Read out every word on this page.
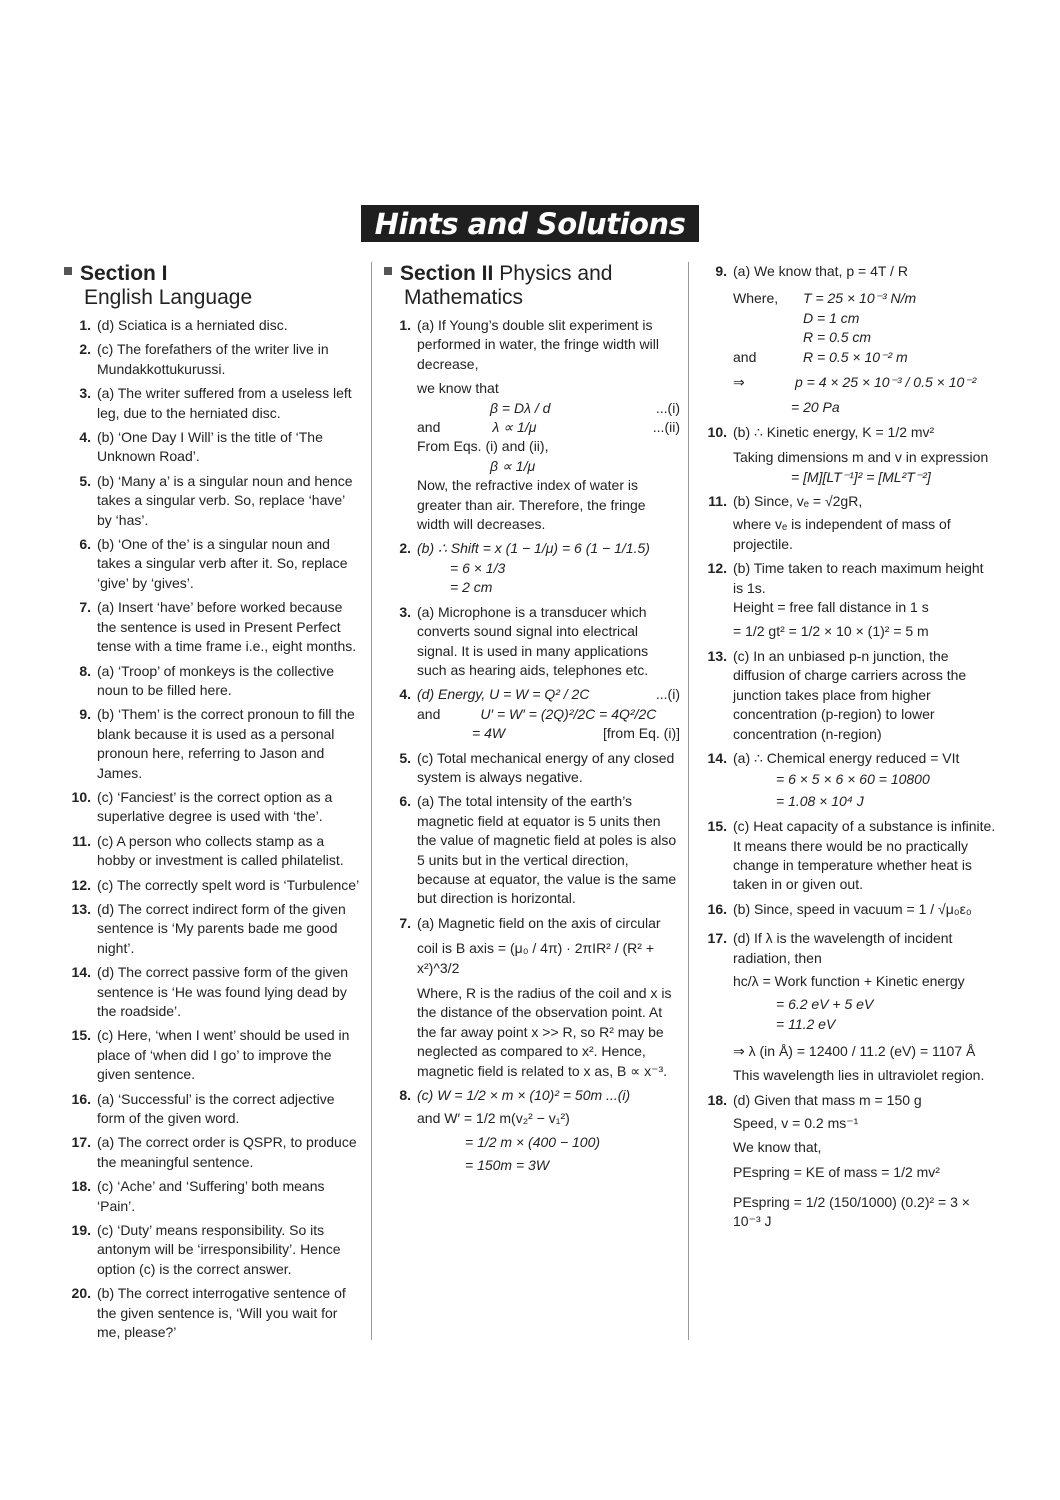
Hints and Solutions
Section I
English Language
1. (d) Sciatica is a herniated disc.
2. (c) The forefathers of the writer live in Mundakkottukurussi.
3. (a) The writer suffered from a useless left leg, due to the herniated disc.
4. (b) ‘One Day I Will’ is the title of ‘The Unknown Road’.
5. (b) ‘Many a’ is a singular noun and hence takes a singular verb. So, replace ‘have’ by ‘has’.
6. (b) ‘One of the’ is a singular noun and takes a singular verb after it. So, replace ‘give’ by ‘gives’.
7. (a) Insert ‘have’ before worked because the sentence is used in Present Perfect tense with a time frame i.e., eight months.
8. (a) ‘Troop’ of monkeys is the collective noun to be filled here.
9. (b) ‘Them’ is the correct pronoun to fill the blank because it is used as a personal pronoun here, referring to Jason and James.
10. (c) ‘Fanciest’ is the correct option as a superlative degree is used with ‘the’.
11. (c) A person who collects stamp as a hobby or investment is called philatelist.
12. (c) The correctly spelt word is ‘Turbulence’
13. (d) The correct indirect form of the given sentence is ‘My parents bade me good night’.
14. (d) The correct passive form of the given sentence is ‘He was found lying dead by the roadside’.
15. (c) Here, ‘when I went’ should be used in place of ‘when did I go’ to improve the given sentence.
16. (a) ‘Successful’ is the correct adjective form of the given word.
17. (a) The correct order is QSPR, to produce the meaningful sentence.
18. (c) ‘Ache’ and ‘Suffering’ both means ‘Pain’.
19. (c) ‘Duty’ means responsibility. So its antonym will be ‘irresponsibility’. Hence option (c) is the correct answer.
20. (b) The correct interrogative sentence of the given sentence is, ‘Will you wait for me, please?’
Section II Physics and
Mathematics
1. (a) If Young’s double slit experiment is performed in water, the fringe width will decrease,
we know that
β = Dλ / d	...(i)
and	λ ∝ 1/μ	...(ii)
From Eqs. (i) and (ii),
β ∝ 1/μ
Now, the refractive index of water is greater than air. Therefore, the fringe width will decreases.
2. (b) ∴ Shift = x (1 − 1/μ) = 6 (1 − 1/1.5)
= 6 × 1/3
= 2 cm
3. (a) Microphone is a transducer which converts sound signal into electrical signal. It is used in many applications such as hearing aids, telephones etc.
4. (d) Energy, U = W = Q² / 2C	...(i)
and	U′ = W′ = (2Q)²/2C = 4Q²/2C
= 4W	[from Eq. (i)]
5. (c) Total mechanical energy of any closed system is always negative.
6. (a) The total intensity of the earth’s magnetic field at equator is 5 units then the value of magnetic field at poles is also 5 units but in the vertical direction, because at equator, the value is the same but direction is horizontal.
7. (a) Magnetic field on the axis of circular
coil is B axis = (μ₀ / 4π) · 2πIR² / (R² + x²)^3/2
Where, R is the radius of the coil and x is the distance of the observation point. At the far away point x >> R, so R² may be neglected as compared to x². Hence, magnetic field is related to x as, B ∝ x⁻³.
8. (c) W = 1/2 × m × (10)² = 50m ...(i)
and W′ = 1/2 m(v₂² − v₁²)
= 1/2 m × (400 − 100)
= 150m = 3W
9. (a) We know that, p = 4T / R
Where,	T = 25 × 10⁻³ N/m
D = 1 cm
R = 0.5 cm
and	R = 0.5 × 10⁻² m
⇒	p = 4 × 25 × 10⁻³ / 0.5 × 10⁻²
= 20 Pa
10. (b) ∴ Kinetic energy, K = 1/2 mv²
Taking dimensions m and v in expression
= [M][LT⁻¹]² = [ML²T⁻²]
11. (b) Since, vₑ = √2gR,
where vₑ is independent of mass of projectile.
12. (b) Time taken to reach maximum height is 1s.
Height = free fall distance in 1 s
= 1/2 gt² = 1/2 × 10 × (1)² = 5 m
13. (c) In an unbiased p-n junction, the diffusion of charge carriers across the junction takes place from higher concentration (p-region) to lower concentration (n-region)
14. (a) ∴ Chemical energy reduced = VIt
= 6 × 5 × 6 × 60 = 10800
= 1.08 × 10⁴ J
15. (c) Heat capacity of a substance is infinite. It means there would be no practically change in temperature whether heat is taken in or given out.
16. (b) Since, speed in vacuum = 1 / √μ₀ε₀
17. (d) If λ is the wavelength of incident radiation, then
hc/λ = Work function + Kinetic energy
= 6.2 eV + 5 eV
= 11.2 eV
⇒ λ (in Å) = 12400 / 11.2 (eV) = 1107 Å
This wavelength lies in ultraviolet region.
18. (d) Given that mass m = 150 g
Speed, v = 0.2 ms⁻¹
We know that,
PEspring = KE of mass = 1/2 mv²
PEspring = 1/2 (150/1000) (0.2)² = 3 × 10⁻³ J
